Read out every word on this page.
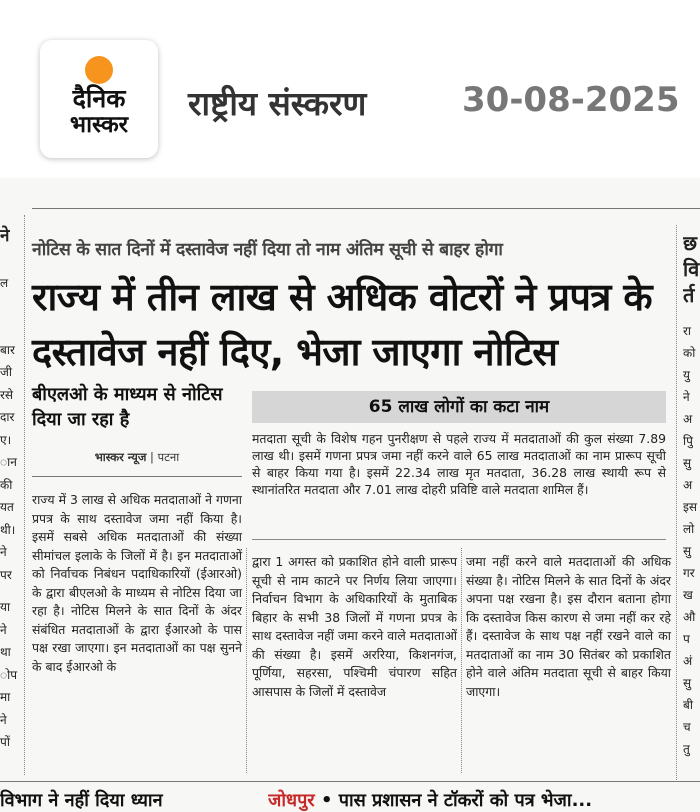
दैनिक
भास्कर
राष्ट्रीय संस्करण	30-08-2025
ने
ल
बार
जी
रसे
दार
ए।
ान
की
यत
थी।
ने
पर
या
ने
था
ोप
मा
ने
पों
छ
वि
र्त
रा
को
यु
ने
अ
पुि
सु
अ
इस
लो
सु
गर
ख
औ
प
अं
सु
बी
च
तु
नोटिस के सात दिनों में दस्तावेज नहीं दिया तो नाम अंतिम सूची से बाहर होगा
राज्य में तीन लाख से अधिक वोटरों ने प्रपत्र के दस्तावेज नहीं दिए, भेजा जाएगा नोटिस
बीएलओ के माध्यम से नोटिस दिया जा रहा है
भास्कर न्यूज | पटना
65 लाख लोगों का कटा नाम
मतदाता सूची के विशेष गहन पुनरीक्षण से पहले राज्य में मतदाताओं की कुल संख्या 7.89 लाख थी। इसमें गणना प्रपत्र जमा नहीं करने वाले 65 लाख मतदाताओं का नाम प्रारूप सूची से बाहर किया गया है। इसमें 22.34 लाख मृत मतदाता, 36.28 लाख स्थायी रूप से स्थानांतरित मतदाता और 7.01 लाख दोहरी प्रविष्टि वाले मतदाता शामिल हैं।
राज्य में 3 लाख से अधिक मतदाताओं ने गणना प्रपत्र के साथ दस्तावेज जमा नहीं किया है। इसमें सबसे अधिक मतदाताओं की संख्या सीमांचल इलाके के जिलों में है। इन मतदाताओं को निर्वाचक निबंधन पदाधिकारियों (ईआरओ) के द्वारा बीएलओ के माध्यम से नोटिस दिया जा रहा है। नोटिस मिलने के सात दिनों के अंदर संबंधित मतदाताओं के द्वारा ईआरओ के पास पक्ष रखा जाएगा। इन मतदाताओं का पक्ष सुनने के बाद ईआरओ के
द्वारा 1 अगस्त को प्रकाशित होने वाली प्रारूप सूची से नाम काटने पर निर्णय लिया जाएगा। निर्वाचन विभाग के अधिकारियों के मुताबिक बिहार के सभी 38 जिलों में गणना प्रपत्र के साथ दस्तावेज नहीं जमा करने वाले मतदाताओं की संख्या है। इसमें अररिया, किशनगंज, पूर्णिया, सहरसा, पश्चिमी चंपारण सहित आसपास के जिलों में दस्तावेज
जमा नहीं करने वाले मतदाताओं की अधिक संख्या है। नोटिस मिलने के सात दिनों के अंदर अपना पक्ष रखना है। इस दौरान बताना होगा कि दस्तावेज किस कारण से जमा नहीं कर रहे हैं। दस्तावेज के साथ पक्ष नहीं रखने वाले का मतदाताओं का नाम 30 सितंबर को प्रकाशित होने वाले अंतिम मतदाता सूची से बाहर किया जाएगा।
विभाग ने नहीं दिया ध्यान	जोधपुर • पास प्रशासन ने टॉकरों को पत्र भेजा...
